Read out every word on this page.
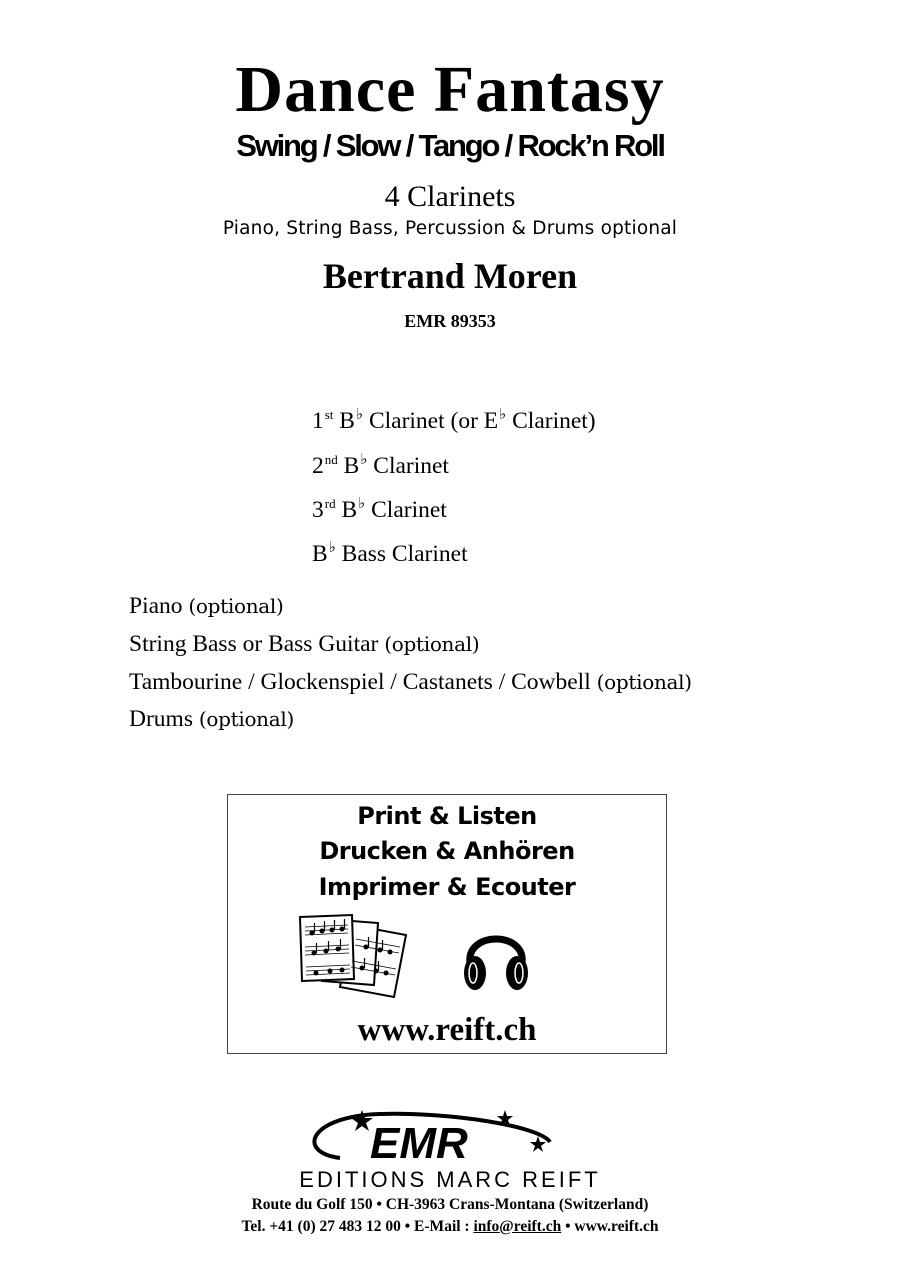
Dance Fantasy
Swing / Slow / Tango / Rock’n Roll
4 Clarinets
Piano, String Bass, Percussion & Drums optional
Bertrand Moren
EMR 89353
1st B♭ Clarinet (or E♭ Clarinet)
2nd B♭ Clarinet
3rd B♭ Clarinet
B♭ Bass Clarinet
Piano (optional)
String Bass or Bass Guitar (optional)
Tambourine / Glockenspiel / Castanets / Cowbell (optional)
Drums (optional)
Print & Listen
Drucken & Anhören
Imprimer & Ecouter
www.reift.ch
EMR
EDITIONS MARC REIFT
Route du Golf 150 • CH-3963 Crans-Montana (Switzerland)
Tel. +41 (0) 27 483 12 00 • E-Mail : info@reift.ch • www.reift.ch
